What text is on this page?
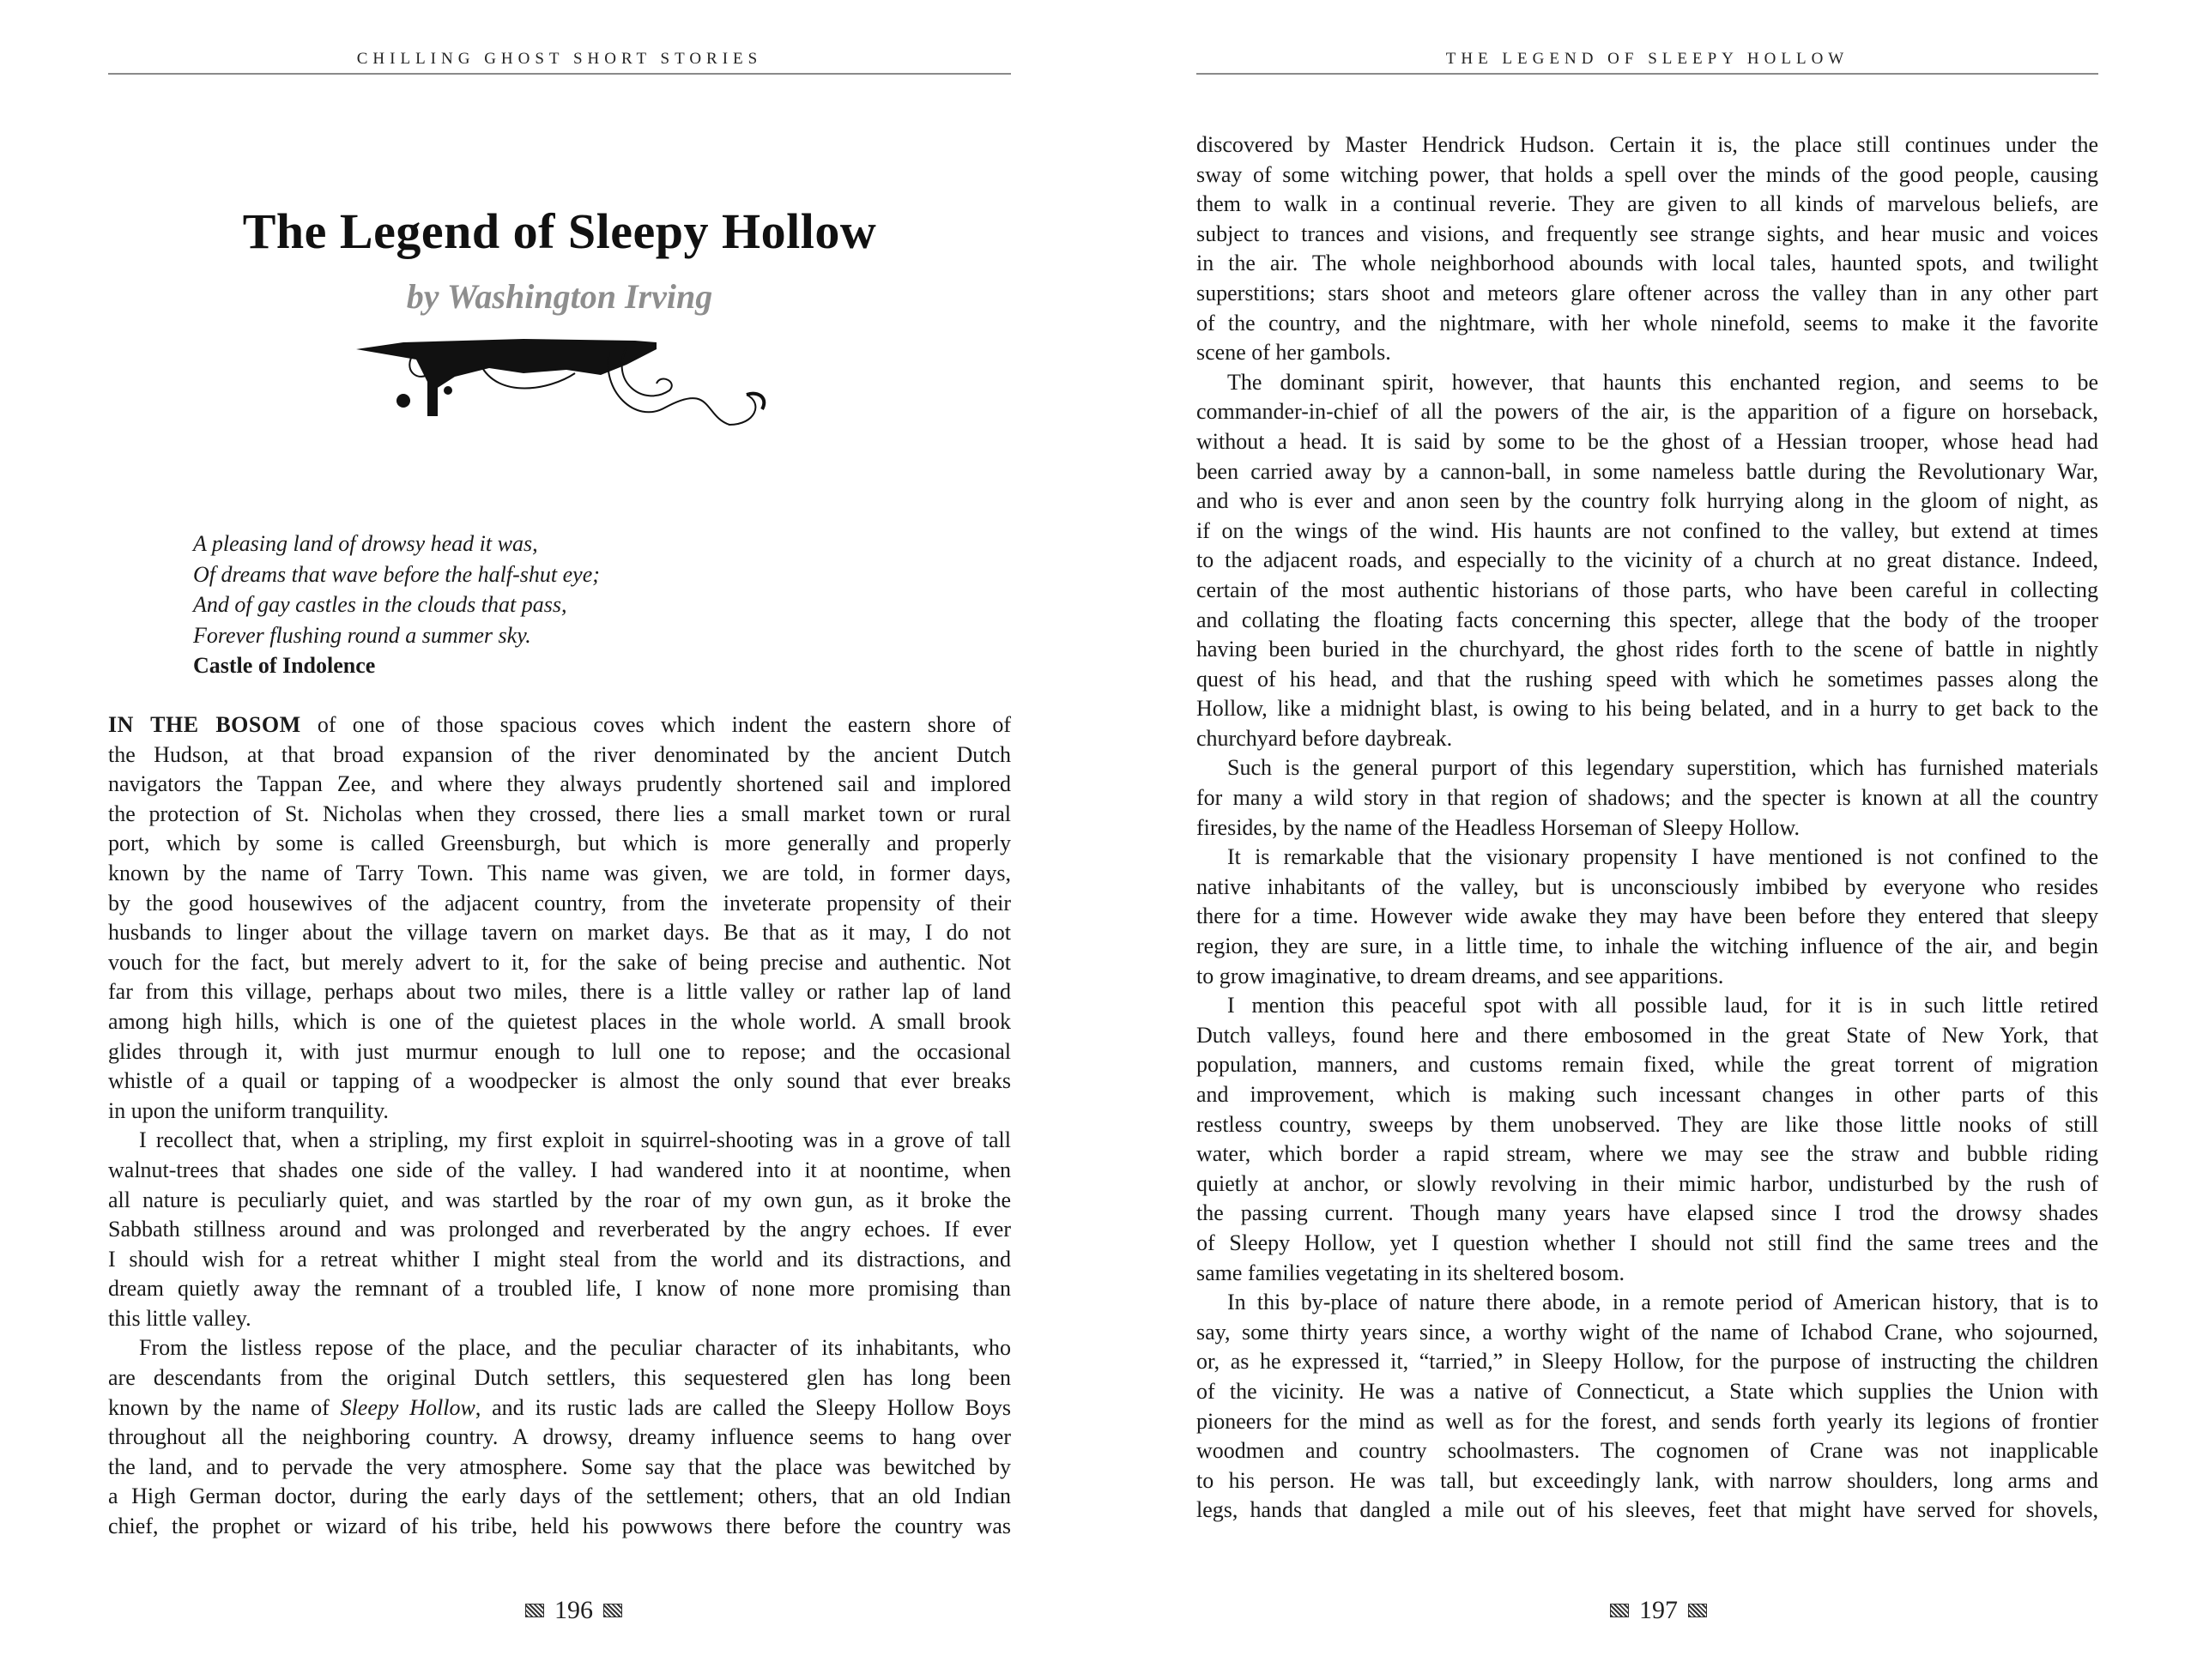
CHILLING GHOST SHORT STORIES
The Legend of Sleepy Hollow
by Washington Irving
A pleasing land of drowsy head it was,
Of dreams that wave before the half-shut eye;
And of gay castles in the clouds that pass,
Forever flushing round a summer sky.
Castle of Indolence
IN THE BOSOM of one of those spacious coves which indent the eastern shore of
the Hudson, at that broad expansion of the river denominated by the ancient Dutch
navigators the Tappan Zee, and where they always prudently shortened sail and implored
the protection of St. Nicholas when they crossed, there lies a small market town or rural
port, which by some is called Greensburgh, but which is more generally and properly
known by the name of Tarry Town. This name was given, we are told, in former days,
by the good housewives of the adjacent country, from the inveterate propensity of their
husbands to linger about the village tavern on market days. Be that as it may, I do not
vouch for the fact, but merely advert to it, for the sake of being precise and authentic. Not
far from this village, perhaps about two miles, there is a little valley or rather lap of land
among high hills, which is one of the quietest places in the whole world. A small brook
glides through it, with just murmur enough to lull one to repose; and the occasional
whistle of a quail or tapping of a woodpecker is almost the only sound that ever breaks
in upon the uniform tranquility.
I recollect that, when a stripling, my first exploit in squirrel-shooting was in a grove of tall
walnut-trees that shades one side of the valley. I had wandered into it at noontime, when
all nature is peculiarly quiet, and was startled by the roar of my own gun, as it broke the
Sabbath stillness around and was prolonged and reverberated by the angry echoes. If ever
I should wish for a retreat whither I might steal from the world and its distractions, and
dream quietly away the remnant of a troubled life, I know of none more promising than
this little valley.
From the listless repose of the place, and the peculiar character of its inhabitants, who
are descendants from the original Dutch settlers, this sequestered glen has long been
known by the name of Sleepy Hollow, and its rustic lads are called the Sleepy Hollow Boys
throughout all the neighboring country. A drowsy, dreamy influence seems to hang over
the land, and to pervade the very atmosphere. Some say that the place was bewitched by
a High German doctor, during the early days of the settlement; others, that an old Indian
chief, the prophet or wizard of his tribe, held his powwows there before the country was
196
THE LEGEND OF SLEEPY HOLLOW
discovered by Master Hendrick Hudson. Certain it is, the place still continues under the
sway of some witching power, that holds a spell over the minds of the good people, causing
them to walk in a continual reverie. They are given to all kinds of marvelous beliefs, are
subject to trances and visions, and frequently see strange sights, and hear music and voices
in the air. The whole neighborhood abounds with local tales, haunted spots, and twilight
superstitions; stars shoot and meteors glare oftener across the valley than in any other part
of the country, and the nightmare, with her whole ninefold, seems to make it the favorite
scene of her gambols.
The dominant spirit, however, that haunts this enchanted region, and seems to be
commander-in-chief of all the powers of the air, is the apparition of a figure on horseback,
without a head. It is said by some to be the ghost of a Hessian trooper, whose head had
been carried away by a cannon-ball, in some nameless battle during the Revolutionary War,
and who is ever and anon seen by the country folk hurrying along in the gloom of night, as
if on the wings of the wind. His haunts are not confined to the valley, but extend at times
to the adjacent roads, and especially to the vicinity of a church at no great distance. Indeed,
certain of the most authentic historians of those parts, who have been careful in collecting
and collating the floating facts concerning this specter, allege that the body of the trooper
having been buried in the churchyard, the ghost rides forth to the scene of battle in nightly
quest of his head, and that the rushing speed with which he sometimes passes along the
Hollow, like a midnight blast, is owing to his being belated, and in a hurry to get back to the
churchyard before daybreak.
Such is the general purport of this legendary superstition, which has furnished materials
for many a wild story in that region of shadows; and the specter is known at all the country
firesides, by the name of the Headless Horseman of Sleepy Hollow.
It is remarkable that the visionary propensity I have mentioned is not confined to the
native inhabitants of the valley, but is unconsciously imbibed by everyone who resides
there for a time. However wide awake they may have been before they entered that sleepy
region, they are sure, in a little time, to inhale the witching influence of the air, and begin
to grow imaginative, to dream dreams, and see apparitions.
I mention this peaceful spot with all possible laud, for it is in such little retired
Dutch valleys, found here and there embosomed in the great State of New York, that
population, manners, and customs remain fixed, while the great torrent of migration
and improvement, which is making such incessant changes in other parts of this
restless country, sweeps by them unobserved. They are like those little nooks of still
water, which border a rapid stream, where we may see the straw and bubble riding
quietly at anchor, or slowly revolving in their mimic harbor, undisturbed by the rush of
the passing current. Though many years have elapsed since I trod the drowsy shades
of Sleepy Hollow, yet I question whether I should not still find the same trees and the
same families vegetating in its sheltered bosom.
In this by-place of nature there abode, in a remote period of American history, that is to
say, some thirty years since, a worthy wight of the name of Ichabod Crane, who sojourned,
or, as he expressed it, “tarried,” in Sleepy Hollow, for the purpose of instructing the children
of the vicinity. He was a native of Connecticut, a State which supplies the Union with
pioneers for the mind as well as for the forest, and sends forth yearly its legions of frontier
woodmen and country schoolmasters. The cognomen of Crane was not inapplicable
to his person. He was tall, but exceedingly lank, with narrow shoulders, long arms and
legs, hands that dangled a mile out of his sleeves, feet that might have served for shovels,
197
